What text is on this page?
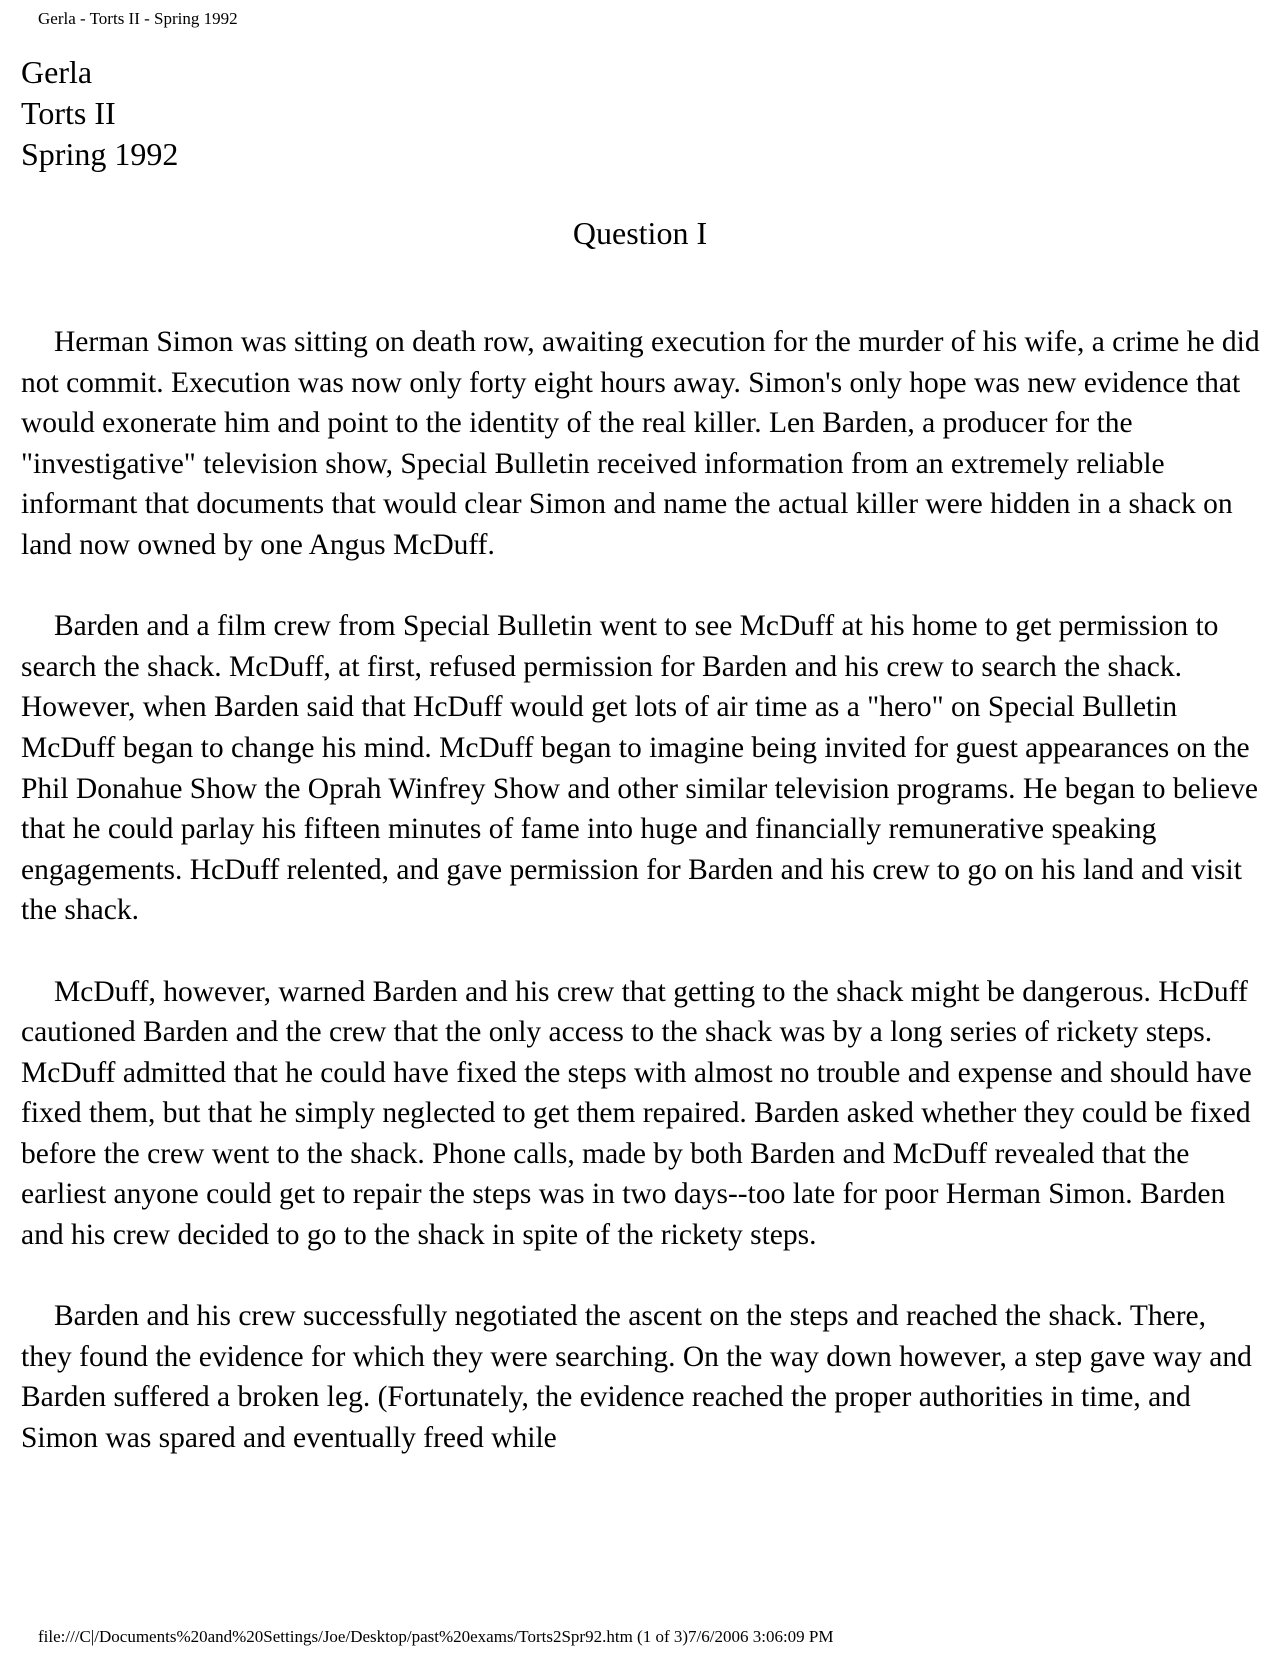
Gerla - Torts II - Spring 1992
Gerla
Torts II
Spring 1992
Question I

Herman Simon was sitting on death row, awaiting execution for the murder of his wife, a crime he did not commit. Execution was now only forty eight hours away. Simon's only hope was new evidence that would exonerate him and point to the identity of the real killer. Len Barden, a producer for the "investigative" television show, Special Bulletin received information from an extremely reliable informant that documents that would clear Simon and name the actual killer were hidden in a shack on land now owned by one Angus McDuff.

Barden and a film crew from Special Bulletin went to see McDuff at his home to get permission to search the shack. McDuff, at first, refused permission for Barden and his crew to search the shack. However, when Barden said that HcDuff would get lots of air time as a "hero" on Special Bulletin McDuff began to change his mind. McDuff began to imagine being invited for guest appearances on the Phil Donahue Show the Oprah Winfrey Show and other similar television programs. He began to believe that he could parlay his fifteen minutes of fame into huge and financially remunerative speaking engagements. HcDuff relented, and gave permission for Barden and his crew to go on his land and visit the shack.

McDuff, however, warned Barden and his crew that getting to the shack might be dangerous. HcDuff cautioned Barden and the crew that the only access to the shack was by a long series of rickety steps. McDuff admitted that he could have fixed the steps with almost no trouble and expense and should have fixed them, but that he simply neglected to get them repaired. Barden asked whether they could be fixed before the crew went to the shack. Phone calls, made by both Barden and McDuff revealed that the earliest anyone could get to repair the steps was in two days--too late for poor Herman Simon. Barden and his crew decided to go to the shack in spite of the rickety steps.

Barden and his crew successfully negotiated the ascent on the steps and reached the shack. There, they found the evidence for which they were searching. On the way down however, a step gave way and Barden suffered a broken leg. (Fortunately, the evidence reached the proper authorities in time, and Simon was spared and eventually freed while

file:///C|/Documents%20and%20Settings/Joe/Desktop/past%20exams/Torts2Spr92.htm (1 of 3)7/6/2006 3:06:09 PM
